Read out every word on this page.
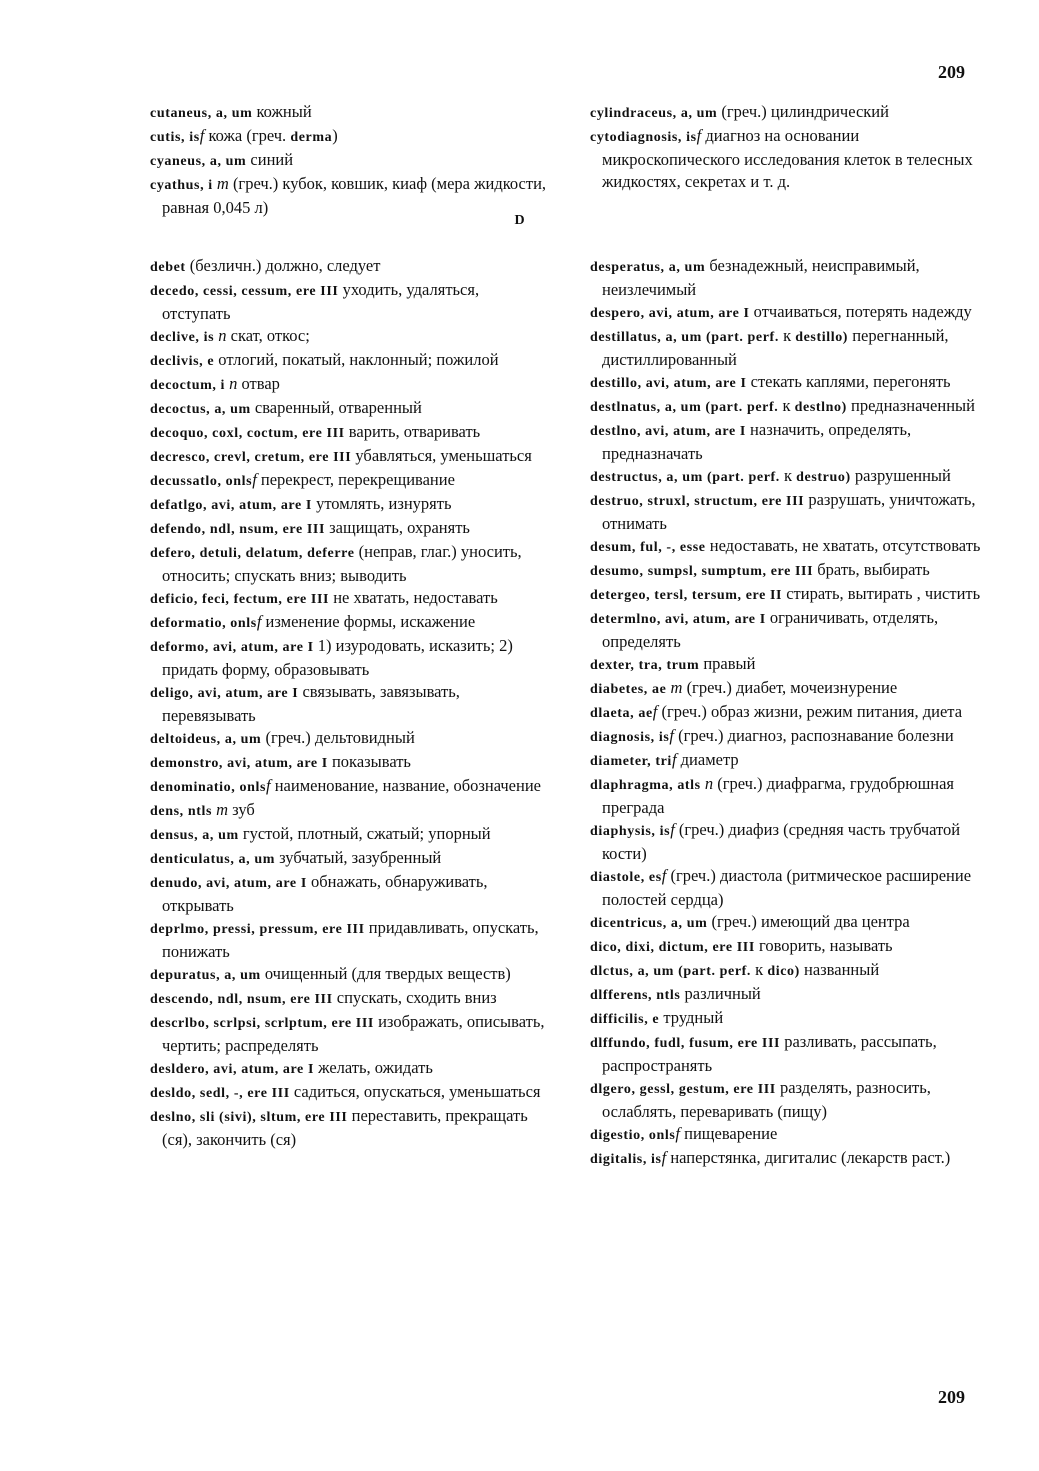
209
cutaneus, a, um кожный
cutis, isf кожа (греч. derma)
cyaneus, a, um синий
cyathus, i m (греч.) кубок, ковшик, киаф (мера жидкости, равная 0,045 л)
cylindraceus, a, um (греч.) цилиндрический
cytodiagnosis, isf диагноз на основании микроскопического исследования клеток в телесных жидкостях, секретах и т. д.
D
debet (безличн.) должно, следует
decedo, cessi, cessum, ere III уходить, удаляться, отступать
declive, is n скат, откос;
declivis, e отлогий, покатый, наклонный; пожилой
decoctum, i n отвар
decoctus, a, um сваренный, отваренный
decoquo, coxl, coctum, ere III варить, отваривать
decresco, crevl, cretum, ere III убавляться, уменьшаться
decussatlo, onlsf перекрест, перекрещивание
defatlgo, avi, atum, are I утомлять, изнурять
defendo, ndl, nsum, ere III защищать, охранять
defero, detuli, delatum, deferre (неправ, глаг.) уносить, относить; спускать вниз; выводить
deficio, feci, fectum, ere III не хватать, недоставать
deformatio, onlsf изменение формы, искажение
deformo, avi, atum, are I 1) изуродовать, исказить; 2) придать форму, образовывать
deligo, avi, atum, are I связывать, завязывать, перевязывать
deltoideus, a, um (греч.) дельтовидный
demonstro, avi, atum, are I показывать
denominatio, onlsf наименование, название, обозначение
dens, ntls m зуб
densus, a, um густой, плотный, сжатый; упорный
denticulatus, a, um зубчатый, зазубренный
denudo, avi, atum, are I обнажать, обнаруживать, открывать
deprlmo, pressi, pressum, ere III придавливать, опускать, понижать
depuratus, a, um очищенный (для твердых веществ)
descendo, ndl, nsum, ere III спускать, сходить вниз
descrlbo, scrlpsi, scrlptum, ere III изображать, описывать, чертить; распределять
desldero, avi, atum, are I желать, ожидать
desldo, sedl, -, ere III садиться, опускаться, уменьшаться
deslno, sli (sivi), sltum, ere III переставить, прекращать (ся), закончить (ся)
desperatus, a, um безнадежный, неисправимый, неизлечимый
despero, avi, atum, are I отчаиваться, потерять надежду
destillatus, a, um (part. perf. к destillo) перегнанный, дистиллированный
destillo, avi, atum, are I стекать каплями, перегонять
destlnatus, a, um (part. perf. к destlno) предназначенный
destlno, avi, atum, are I назначить, определять, предназначать
destructus, a, um (part. perf. к destruo) разрушенный
destruo, struxl, structum, ere III разрушать, уничтожать, отнимать
desum, ful, -, esse недоставать, не хватать, отсутствовать
desumo, sumpsl, sumptum, ere III брать, выбирать
detergeo, tersl, tersum, ere II стирать, вытирать , чистить
determlno, avi, atum, are I ограничивать, отделять, определять
dexter, tra, trum правый
diabetes, ae m (греч.) диабет, мочеизнурение
dlaeta, aef (греч.) образ жизни, режим питания, диета
diagnosis, isf (греч.) диагноз, распознавание болезни
diameter, trif диаметр
dlaphragma, atls n (греч.) диафрагма, грудобрюшная преграда
diaphysis, isf (греч.) диафиз (средняя часть трубчатой кости)
diastole, esf (греч.) диастола (ритмическое расширение полостей сердца)
dicentricus, a, um (греч.) имеющий два центра
dico, dixi, dictum, ere III говорить, называть
dlctus, a, um (part. perf. к dico) названный
dlfferens, ntls различный
difficilis, e трудный
dlffundo, fudl, fusum, ere III разливать, рассыпать, распространять
dlgero, gessl, gestum, ere III разделять, разносить, ослаблять, переваривать (пищу)
digestio, onlsf пищеварение
digitalis, isf наперстянка, дигиталис (лекарств раст.)
209
